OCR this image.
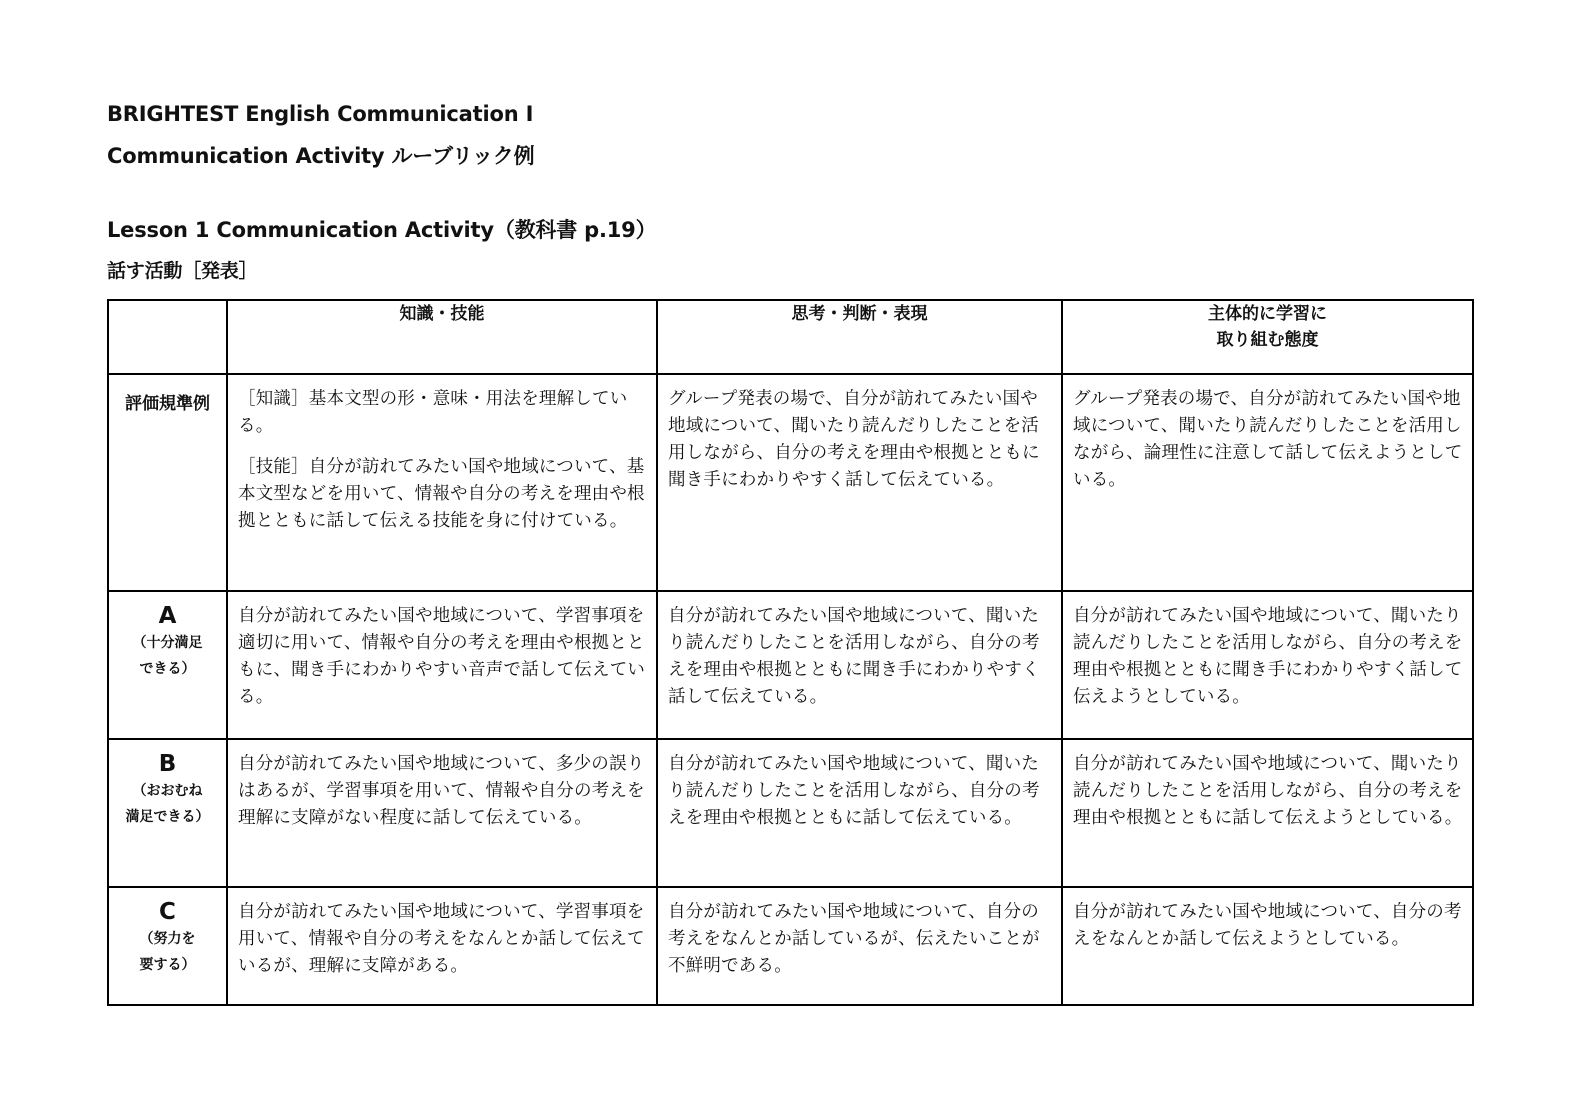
BRIGHTEST English Communication I
Communication Activity ルーブリック例
Lesson 1 Communication Activity（教科書 p.19）
話す活動［発表］
	知識・技能	思考・判断・表現	主体的に学習に
取り組む態度

評価規準例	［知識］基本文型の形・意味・用法を理解している。

［技能］自分が訪れてみたい国や地域について、基本文型などを用いて、情報や自分の考えを理由や根拠とともに話して伝える技能を身に付けている。	グループ発表の場で、自分が訪れてみたい国や地域について、聞いたり読んだりしたことを活用しながら、自分の考えを理由や根拠とともに聞き手にわかりやすく話して伝えている。	グループ発表の場で、自分が訪れてみたい国や地域について、聞いたり読んだりしたことを活用しながら、論理性に注意して話して伝えようとしている。

A
（十分満足
できる）	自分が訪れてみたい国や地域について、学習事項を適切に用いて、情報や自分の考えを理由や根拠とともに、聞き手にわかりやすい音声で話して伝えている。	自分が訪れてみたい国や地域について、聞いたり読んだりしたことを活用しながら、自分の考えを理由や根拠とともに聞き手にわかりやすく話して伝えている。	自分が訪れてみたい国や地域について、聞いたり読んだりしたことを活用しながら、自分の考えを理由や根拠とともに聞き手にわかりやすく話して伝えようとしている。

B
（おおむね
満足できる）	自分が訪れてみたい国や地域について、多少の誤りはあるが、学習事項を用いて、情報や自分の考えを理解に支障がない程度に話して伝えている。	自分が訪れてみたい国や地域について、聞いたり読んだりしたことを活用しながら、自分の考えを理由や根拠とともに話して伝えている。	自分が訪れてみたい国や地域について、聞いたり読んだりしたことを活用しながら、自分の考えを理由や根拠とともに話して伝えようとしている。

C
（努力を
要する）	自分が訪れてみたい国や地域について、学習事項を用いて、情報や自分の考えをなんとか話して伝えているが、理解に支障がある。	自分が訪れてみたい国や地域について、自分の考えをなんとか話しているが、伝えたいことが不鮮明である。	自分が訪れてみたい国や地域について、自分の考えをなんとか話して伝えようとしている。
